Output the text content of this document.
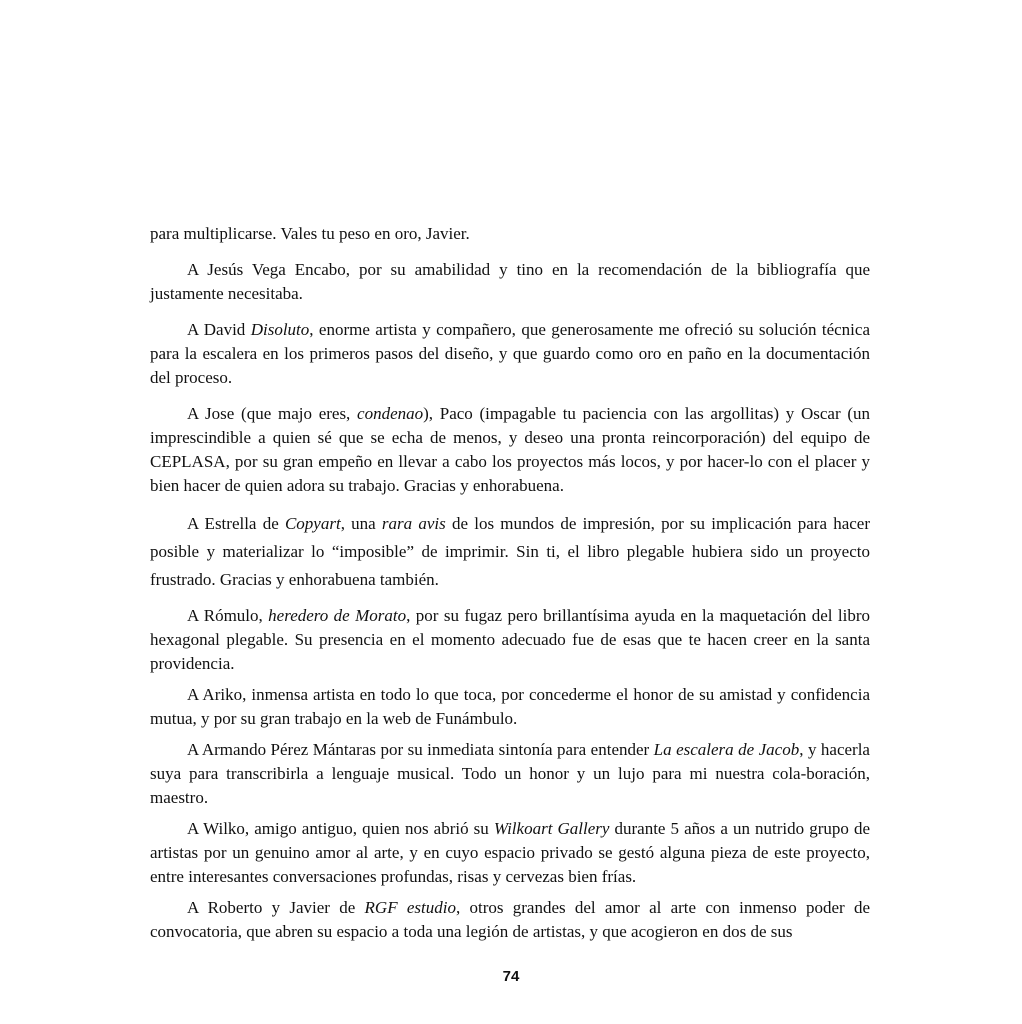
para multiplicarse. Vales tu peso en oro, Javier.

A Jesús Vega Encabo, por su amabilidad y tino en la recomendación de la bibliografía que justamente necesitaba.

A David Disoluto, enorme artista y compañero, que generosamente me ofreció su solución técnica para la escalera en los primeros pasos del diseño, y que guardo como oro en paño en la documentación del proceso.

A Jose (que majo eres, condenao), Paco (impagable tu paciencia con las argollitas) y Oscar (un imprescindible a quien sé que se echa de menos, y deseo una pronta reincorporación) del equipo de CEPLASA, por su gran empeño en llevar a cabo los proyectos más locos, y por hacer-lo con el placer y bien hacer de quien adora su trabajo. Gracias y enhorabuena.

A Estrella de Copyart, una rara avis de los mundos de impresión, por su implicación para hacer posible y materializar lo “imposible” de imprimir. Sin ti, el libro plegable hubiera sido un proyecto frustrado. Gracias y enhorabuena también.

A Rómulo, heredero de Morato, por su fugaz pero brillantísima ayuda en la maquetación del libro hexagonal plegable. Su presencia en el momento adecuado fue de esas que te hacen creer en la santa providencia.

A Ariko, inmensa artista en todo lo que toca, por concederme el honor de su amistad y confidencia mutua, y por su gran trabajo en la web de Funámbulo.

A Armando Pérez Mántaras por su inmediata sintonía para entender La escalera de Jacob, y hacerla suya para transcribirla a lenguaje musical. Todo un honor y un lujo para mi nuestra cola-boración, maestro.

A Wilko, amigo antiguo, quien nos abrió su Wilkoart Gallery durante 5 años a un nutrido grupo de artistas por un genuino amor al arte, y en cuyo espacio privado se gestó alguna pieza de este proyecto, entre interesantes conversaciones profundas, risas y cervezas bien frías.

A Roberto y Javier de RGF estudio, otros grandes del amor al arte con inmenso poder de convocatoria, que abren su espacio a toda una legión de artistas, y que acogieron en dos de sus

74
